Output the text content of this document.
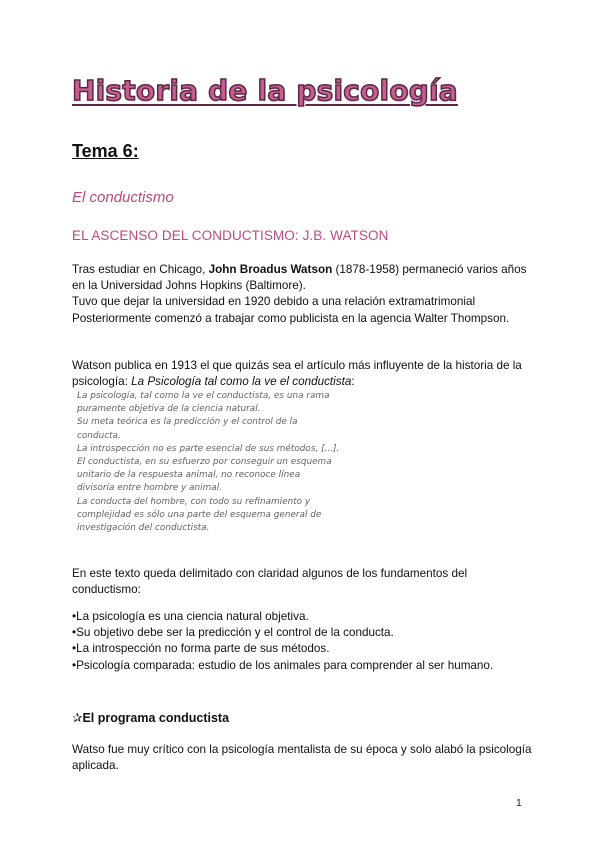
Historia de la psicología
Tema 6:
El conductismo
EL ASCENSO DEL CONDUCTISMO: J.B. WATSON
Tras estudiar en Chicago, John Broadus Watson (1878-1958) permaneció varios años en la Universidad Johns Hopkins (Baltimore).
Tuvo que dejar la universidad en 1920 debido a una relación extramatrimonial
Posteriormente comenzó a trabajar como publicista en la agencia Walter Thompson.
Watson publica en 1913 el que quizás sea el artículo más influyente de la historia de la psicología: La Psicología tal como la ve el conductista:
La psicología, tal como la ve el conductista, es una rama
puramente objetiva de la ciencia natural.
Su meta teórica es la predicción y el control de la
conducta.
La introspección no es parte esencial de sus métodos, [...].
El conductista, en su esfuerzo por conseguir un esquema
unitario de la respuesta animal, no reconoce línea
divisoria entre hombre y animal.
La conducta del hombre, con todo su refinamiento y
complejidad es sólo una parte del esquema general de
investigación del conductista.
En este texto queda delimitado con claridad algunos de los fundamentos del conductismo:
•La psicología es una ciencia natural objetiva.
•Su objetivo debe ser la predicción y el control de la conducta.
•La introspección no forma parte de sus métodos.
•Psicología comparada: estudio de los animales para comprender al ser humano.
✰El programa conductista
Watso fue muy crítico con la psicología mentalista de su época y solo alabó la psicología aplicada.
1
